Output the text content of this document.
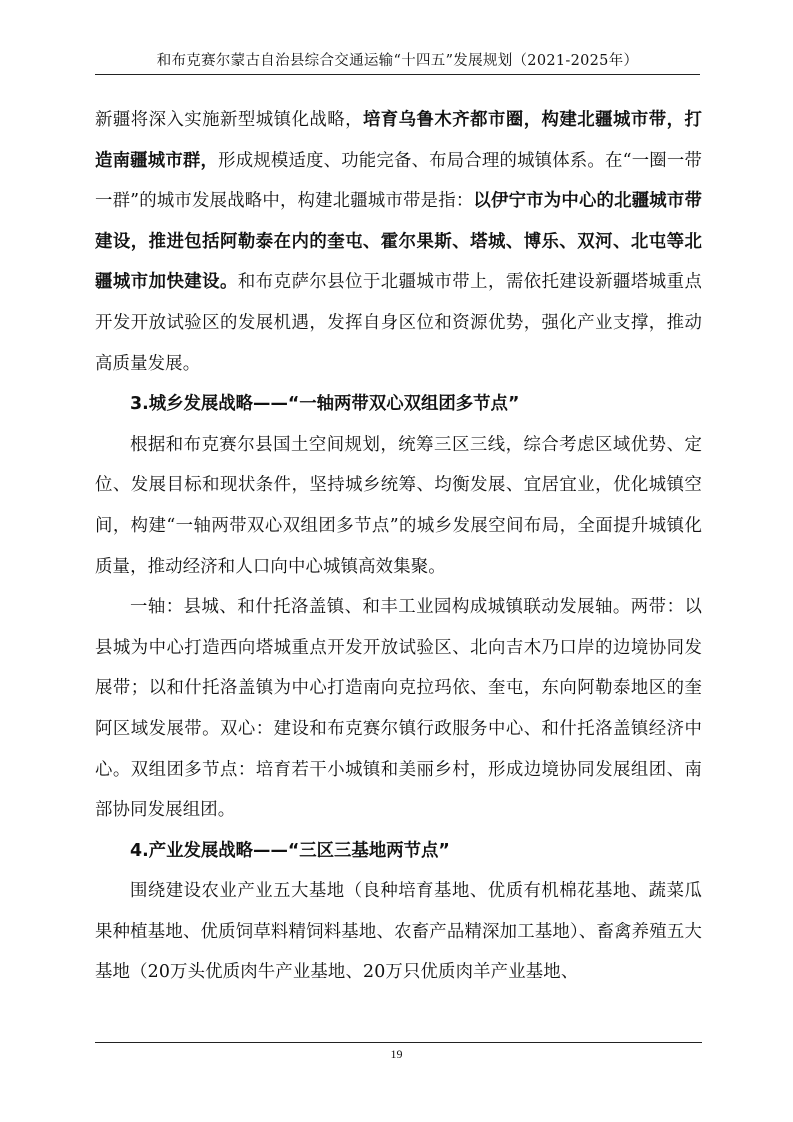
和布克赛尔蒙古自治县综合交通运输“十四五”发展规划（2021-2025年）

新疆将深入实施新型城镇化战略，培育乌鲁木齐都市圈，构建北疆城市带，打造南疆城市群，形成规模适度、功能完备、布局合理的城镇体系。在“一圈一带一群”的城市发展战略中，构建北疆城市带是指：以伊宁市为中心的北疆城市带建设，推进包括阿勒泰在内的奎屯、霍尔果斯、塔城、博乐、双河、北屯等北疆城市加快建设。和布克萨尔县位于北疆城市带上，需依托建设新疆塔城重点开发开放试验区的发展机遇，发挥自身区位和资源优势，强化产业支撑，推动高质量发展。

3.城乡发展战略——“一轴两带双心双组团多节点”

根据和布克赛尔县国土空间规划，统筹三区三线，综合考虑区域优势、定位、发展目标和现状条件，坚持城乡统筹、均衡发展、宜居宜业，优化城镇空间，构建“一轴两带双心双组团多节点”的城乡发展空间布局，全面提升城镇化质量，推动经济和人口向中心城镇高效集聚。

一轴：县城、和什托洛盖镇、和丰工业园构成城镇联动发展轴。两带：以县城为中心打造西向塔城重点开发开放试验区、北向吉木乃口岸的边境协同发展带；以和什托洛盖镇为中心打造南向克拉玛依、奎屯，东向阿勒泰地区的奎阿区域发展带。双心：建设和布克赛尔镇行政服务中心、和什托洛盖镇经济中心。双组团多节点：培育若干小城镇和美丽乡村，形成边境协同发展组团、南部协同发展组团。

4.产业发展战略——“三区三基地两节点”

围绕建设农业产业五大基地（良种培育基地、优质有机棉花基地、蔬菜瓜果种植基地、优质饲草料精饲料基地、农畜产品精深加工基地）、畜禽养殖五大基地（20万头优质肉牛产业基地、20万只优质肉羊产业基地、

19
